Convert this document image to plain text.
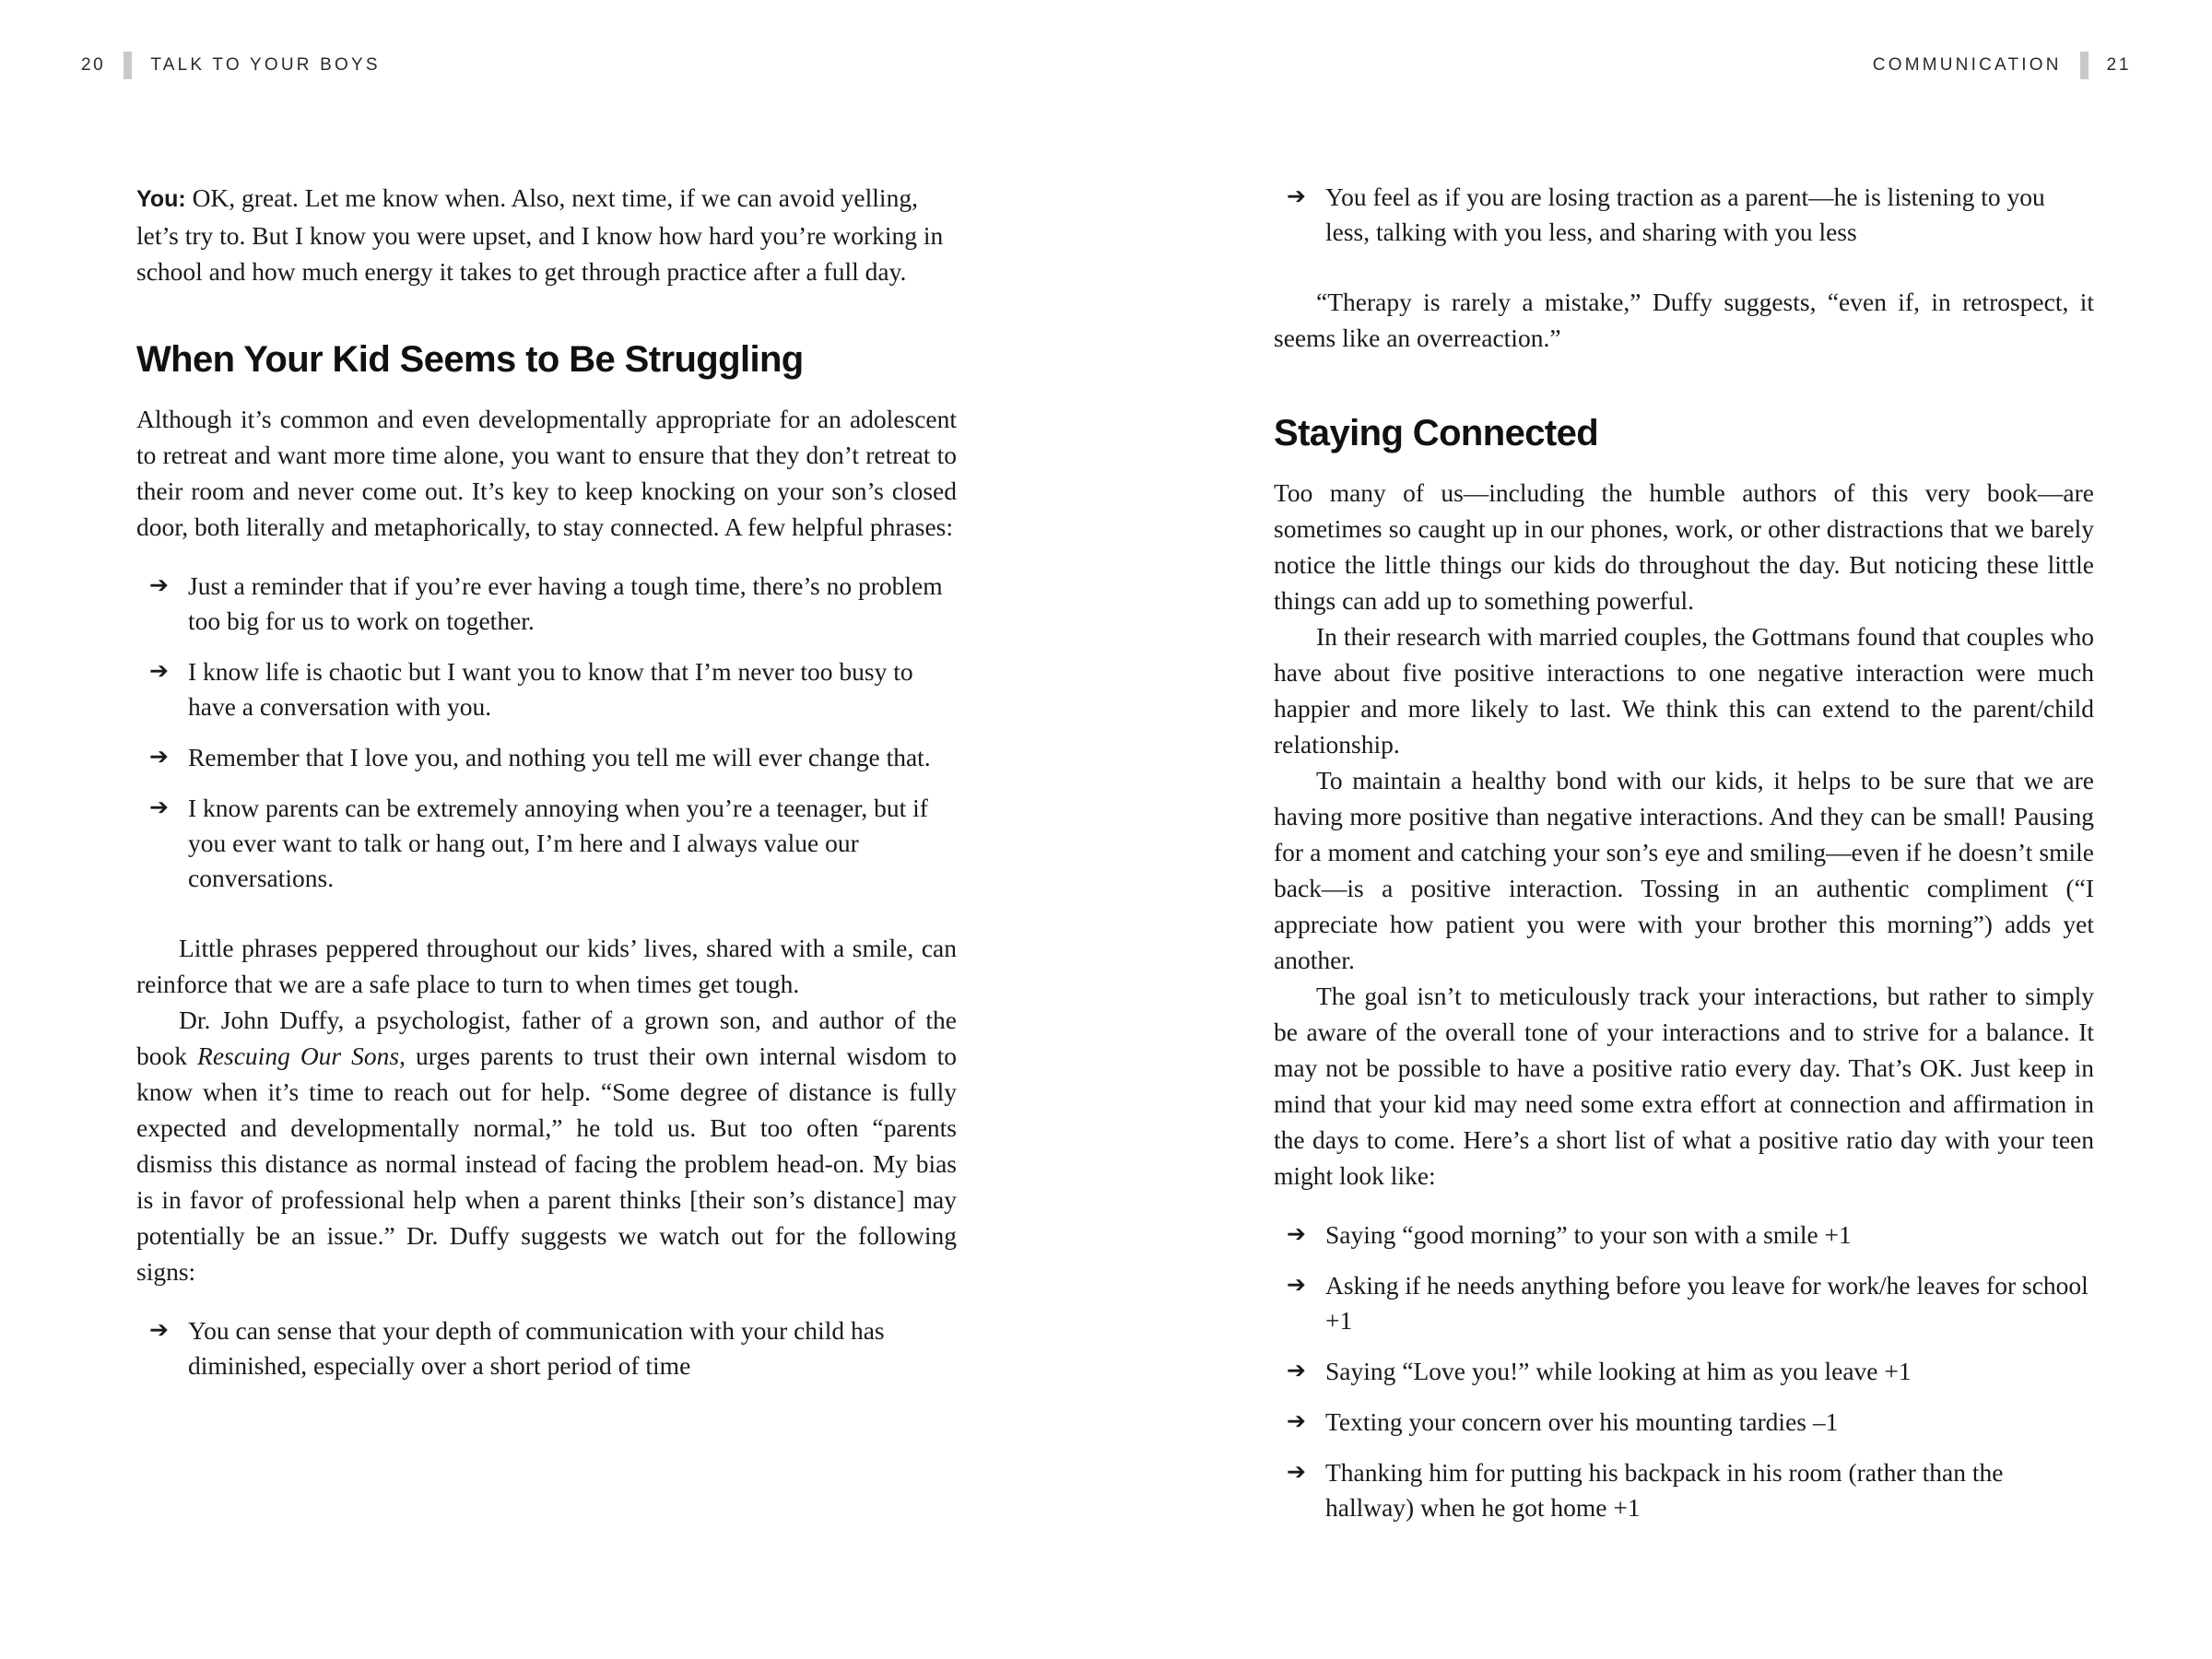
20	TALK TO YOUR BOYS	COMMUNICATION	21

You: OK, great. Let me know when. Also, next time, if we can avoid yelling, let’s try to. But I know you were upset, and I know how hard you’re working in school and how much energy it takes to get through practice after a full day.

When Your Kid Seems to Be Struggling

Although it’s common and even developmentally appropriate for an adolescent to retreat and want more time alone, you want to ensure that they don’t retreat to their room and never come out. It’s key to keep knocking on your son’s closed door, both literally and metaphorically, to stay connected. A few helpful phrases:

➔ Just a reminder that if you’re ever having a tough time, there’s no problem too big for us to work on together.
➔ I know life is chaotic but I want you to know that I’m never too busy to have a conversation with you.
➔ Remember that I love you, and nothing you tell me will ever change that.
➔ I know parents can be extremely annoying when you’re a teenager, but if you ever want to talk or hang out, I’m here and I always value our conversations.

Little phrases peppered throughout our kids’ lives, shared with a smile, can reinforce that we are a safe place to turn to when times get tough.

Dr. John Duffy, a psychologist, father of a grown son, and author of the book Rescuing Our Sons, urges parents to trust their own internal wisdom to know when it’s time to reach out for help. “Some degree of distance is fully expected and developmentally normal,” he told us. But too often “parents dismiss this distance as normal instead of facing the problem head-on. My bias is in favor of professional help when a parent thinks [their son’s distance] may potentially be an issue.” Dr. Duffy suggests we watch out for the following signs:

➔ You can sense that your depth of communication with your child has diminished, especially over a short period of time
➔ You feel as if you are losing traction as a parent—he is listening to you less, talking with you less, and sharing with you less

“Therapy is rarely a mistake,” Duffy suggests, “even if, in retrospect, it seems like an overreaction.”

Staying Connected

Too many of us—including the humble authors of this very book—are sometimes so caught up in our phones, work, or other distractions that we barely notice the little things our kids do throughout the day. But noticing these little things can add up to something powerful.

In their research with married couples, the Gottmans found that couples who have about five positive interactions to one negative interaction were much happier and more likely to last. We think this can extend to the parent/child relationship.

To maintain a healthy bond with our kids, it helps to be sure that we are having more positive than negative interactions. And they can be small! Pausing for a moment and catching your son’s eye and smiling—even if he doesn’t smile back—is a positive interaction. Tossing in an authentic compliment (“I appreciate how patient you were with your brother this morning”) adds yet another.

The goal isn’t to meticulously track your interactions, but rather to simply be aware of the overall tone of your interactions and to strive for a balance. It may not be possible to have a positive ratio every day. That’s OK. Just keep in mind that your kid may need some extra effort at connection and affirmation in the days to come. Here’s a short list of what a positive ratio day with your teen might look like:

➔ Saying “good morning” to your son with a smile +1
➔ Asking if he needs anything before you leave for work/he leaves for school +1
➔ Saying “Love you!” while looking at him as you leave +1
➔ Texting your concern over his mounting tardies –1
➔ Thanking him for putting his backpack in his room (rather than the hallway) when he got home +1
